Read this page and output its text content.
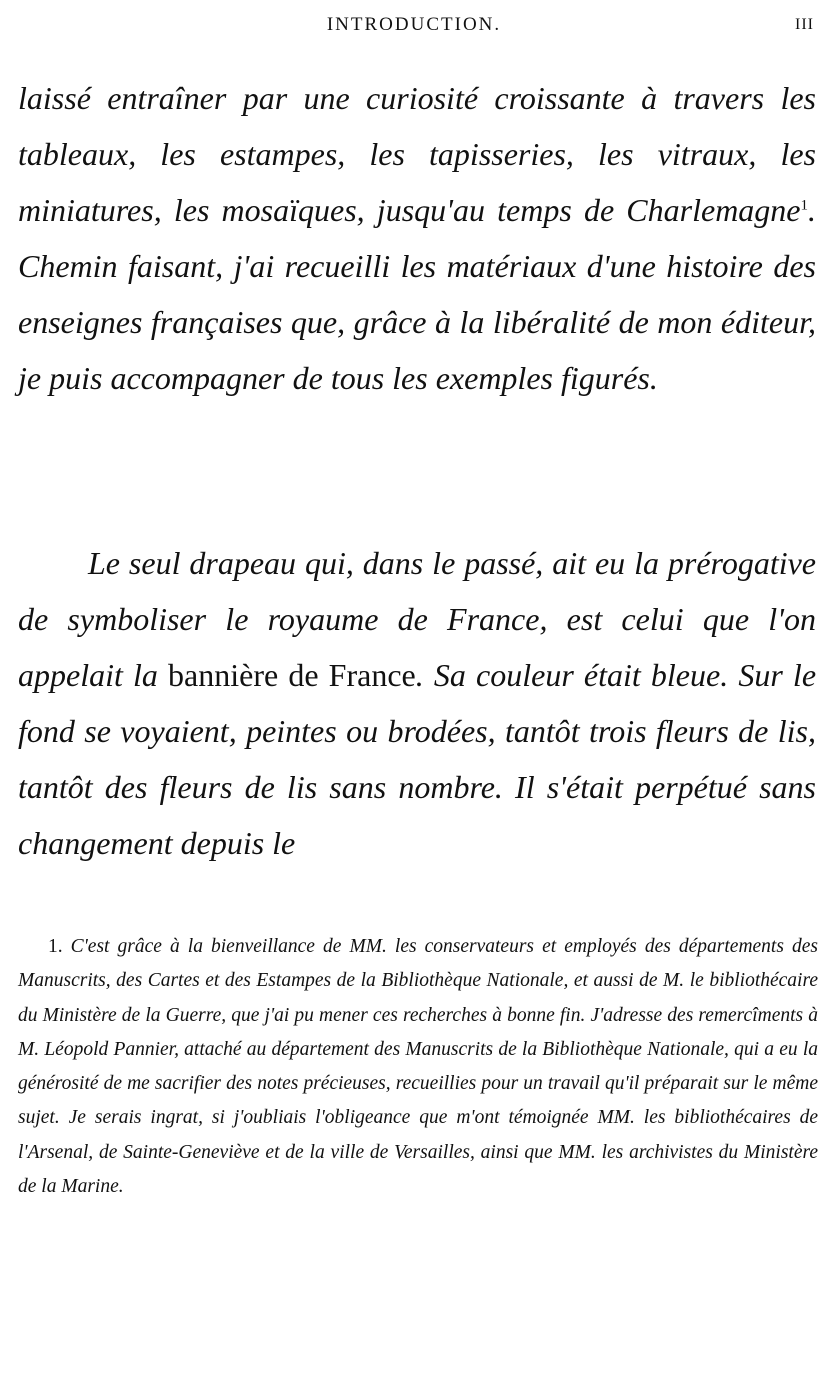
INTRODUCTION.	III

laissé entraîner par une curiosité croissante à travers les tableaux, les estampes, les tapisseries, les vitraux, les miniatures, les mosaïques, jusqu'au temps de Charlemagne$^1$. Chemin faisant, j'ai recueilli les matériaux d'une histoire des enseignes françaises que, grâce à la libéralité de mon éditeur, je puis accompagner de tous les exemples figurés.

Le seul drapeau qui, dans le passé, ait eu la prérogative de symboliser le royaume de France, est celui que l'on appelait la bannière de France. Sa couleur était bleue. Sur le fond se voyaient, peintes ou brodées, tantôt trois fleurs de lis, tantôt des fleurs de lis sans nombre. Il s'était perpétué sans changement depuis le

1. C'est grâce à la bienveillance de MM. les conservateurs et employés des départements des Manuscrits, des Cartes et des Estampes de la Bibliothèque Nationale, et aussi de M. le bibliothécaire du Ministère de la Guerre, que j'ai pu mener ces recherches à bonne fin. J'adresse des remercîments à M. Léopold Pannier, attaché au département des Manuscrits de la Bibliothèque Nationale, qui a eu la générosité de me sacrifier des notes précieuses, recueillies pour un travail qu'il préparait sur le même sujet. Je serais ingrat, si j'oubliais l'obligeance que m'ont témoignée MM. les bibliothécaires de l'Arsenal, de Sainte-Geneviève et de la ville de Versailles, ainsi que MM. les archivistes du Ministère de la Marine.
